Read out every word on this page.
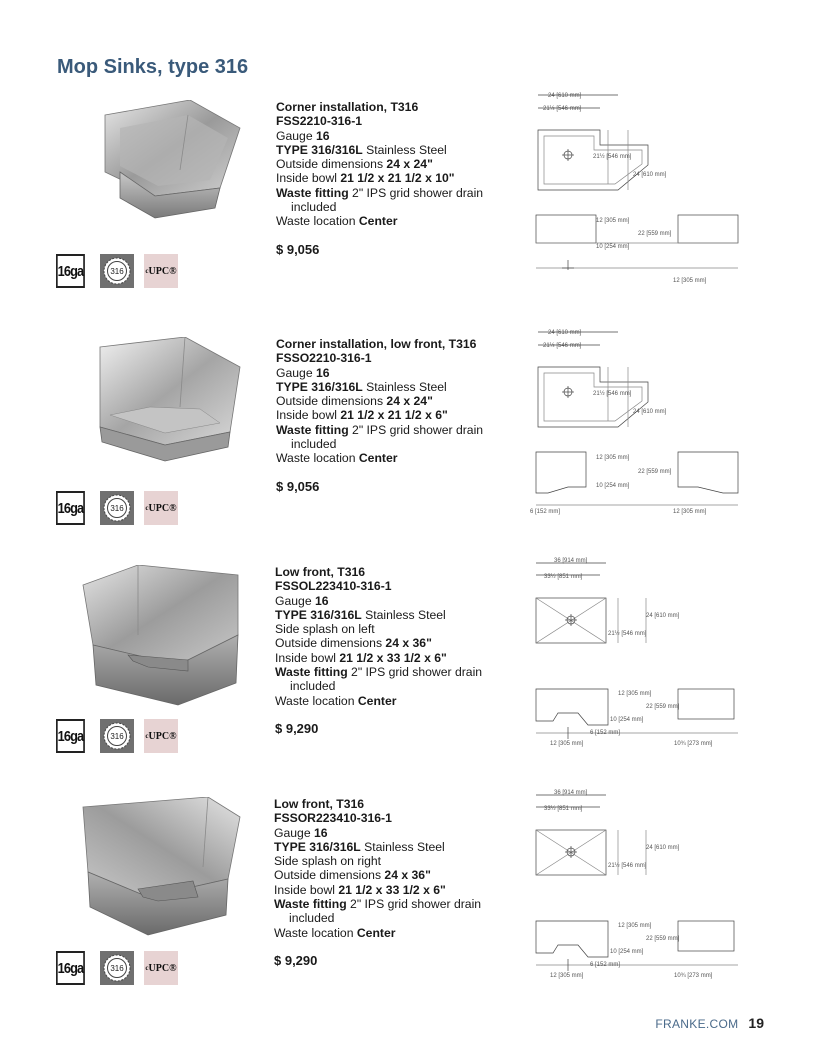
Mop Sinks, type 316
Corner installation, T316
FSS2210-316-1
Gauge 16
TYPE 316/316L Stainless Steel
Outside dimensions 24 x 24"
Inside bowl 21 1/2 x 21 1/2 x 10"
Waste fitting 2" IPS grid shower drain
included
Waste location Center
$ 9,056
16ga	316	c UPC®
24 [610 mm]
21½ [546 mm]
21½ [546 mm]
24 [610 mm]
12 [305 mm]
22 [559 mm]
10 [254 mm]
12 [305 mm]
Corner installation, low front, T316
FSSO2210-316-1
Gauge 16
TYPE 316/316L Stainless Steel
Outside dimensions 24 x 24"
Inside bowl 21 1/2 x 21 1/2 x 6"
Waste fitting 2" IPS grid shower drain
included
Waste location Center
$ 9,056
16ga	316	c UPC®
24 [610 mm]
21½ [546 mm]
21½ [546 mm]
24 [610 mm]
12 [305 mm]
22 [559 mm]
10 [254 mm]
6 [152 mm]	12 [305 mm]
Low front, T316
FSSOL223410-316-1
Gauge 16
TYPE 316/316L Stainless Steel
Side splash on left
Outside dimensions 24 x 36"
Inside bowl 21 1/2 x 33 1/2 x 6"
Waste fitting 2" IPS grid shower drain
included
Waste location Center
$ 9,290
16ga	316	c UPC®
36 [914 mm]
33½ [851 mm]
21½ [546 mm]
24 [610 mm]
12 [305 mm]
22 [559 mm]
10 [254 mm]
6 [152 mm]
12 [305 mm]	10¾ [273 mm]
Low front, T316
FSSOR223410-316-1
Gauge 16
TYPE 316/316L Stainless Steel
Side splash on right
Outside dimensions 24 x 36"
Inside bowl 21 1/2 x 33 1/2 x 6"
Waste fitting 2" IPS grid shower drain
included
Waste location Center
$ 9,290
16ga	316	c UPC®
36 [914 mm]
33½ [851 mm]
21½ [546 mm]
24 [610 mm]
12 [305 mm]
22 [559 mm]
10 [254 mm]
6 [152 mm]
12 [305 mm]	10¾ [273 mm]
FRANKE.COM 19
